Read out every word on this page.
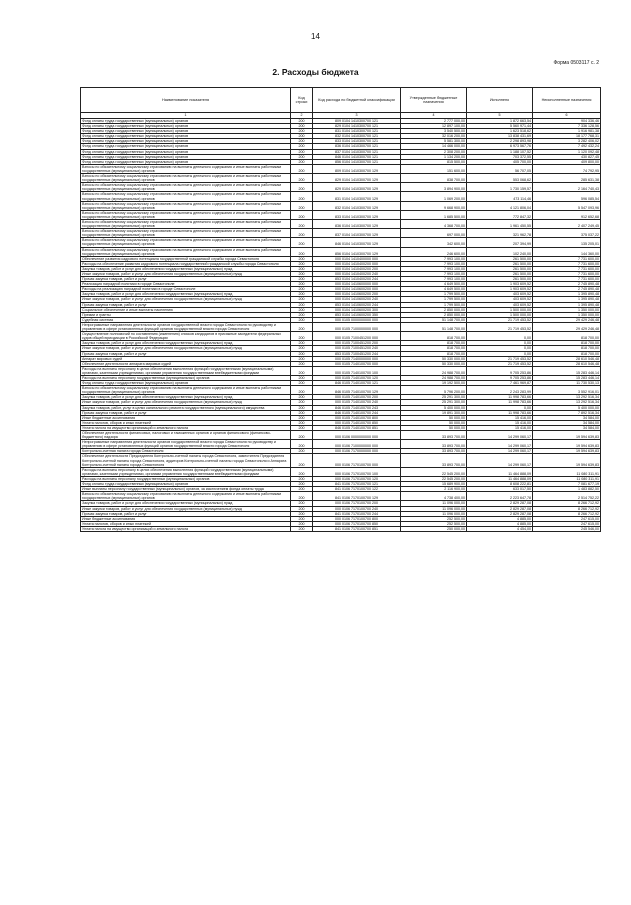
14
Форма 0503117 с. 2
2. Расходы бюджета
Наименование показателя	Код строки	Код расхода по бюджетной классификации	Утвержденные бюджетные назначения	Исполнено	Неисполненные назначения
1	2	3	4	5	6
Фонд оплаты труда государственных (муниципальных) органов	200	809 0104 1410300700 121	2 777 000,00	1 872 663,54	904 336,46
Фонд оплаты труда государственных (муниципальных) органов	200	829 0104 1410300700 121	12 897 100,00	5 560 971,44	7 336 128,56
Фонд оплаты труда государственных (муниципальных) органов	200	831 0104 1410300700 121	3 540 500,00	1 623 518,62	1 916 981,38
Фонд оплаты труда государственных (муниципальных) органов	200	832 0104 1410300700 121	32 016 200,00	13 838 431,69	18 177 768,31
Фонд оплаты труда государственных (муниципальных) органов	200	833 0104 1410300700 121	5 581 300,00	2 298 893,98	3 282 406,02
Фонд оплаты труда государственных (муниципальных) органов	200	836 0104 1410300700 121	14 466 000,00	6 973 567,76	7 492 432,24
Фонд оплаты труда государственных (муниципальных) органов	200	837 0104 1410300700 121	2 308 200,00	1 188 107,52	1 120 092,48
Фонд оплаты труда государственных (муниципальных) органов	200	846 0104 1410300700 121	1 134 200,00	703 372,55	430 827,45
Фонд оплаты труда государственных (муниципальных) органов	200	856 0104 1410300700 121	815 500,00	405 700,00	409 800,00
Взносы по обязательному социальному страхованию на выплаты денежного содержания и иные выплаты работникам государственных (муниципальных) органов	200	809 0104 1410300700 129	151 600,00	56 707,05	74 792,95
Взносы по обязательному социальному страхованию на выплаты денежного содержания и иные выплаты работникам государственных (муниципальных) органов	200	829 0104 1410300700 129	838 700,00	553 068,62	285 631,38
Взносы по обязательному социальному страхованию на выплаты денежного содержания и иные выплаты работникам государственных (муниципальных) органов	200	829 0104 1410300700 129	3 894 900,00	1 730 159,57	2 164 740,43
Взносы по обязательному социальному страхованию на выплаты денежного содержания и иные выплаты работникам государственных (муниципальных) органов	200	831 0104 1410300700 129	1 069 200,00	473 114,46	596 085,54
Взносы по обязательному социальному страхованию на выплаты денежного содержания и иные выплаты работникам государственных (муниципальных) органов	200	832 0104 1410300700 129	9 668 900,00	4 121 806,04	5 547 093,96
Взносы по обязательному социальному страхованию на выплаты денежного содержания и иные выплаты работникам государственных (муниципальных) органов	200	833 0104 1410300700 129	1 685 500,00	772 847,32	912 652,68
Взносы по обязательному социальному страхованию на выплаты денежного содержания и иные выплаты работникам государственных (муниципальных) органов	200	836 0104 1410300700 129	4 368 700,00	1 961 450,55	2 407 249,45
Взносы по обязательному социальному страхованию на выплаты денежного содержания и иные выплаты работникам государственных (муниципальных) органов	200	837 0104 1410300700 129	697 000,00	321 962,78	375 037,22
Взносы по обязательному социальному страхованию на выплаты денежного содержания и иные выплаты работникам государственных (муниципальных) органов	200	846 0104 1410300700 129	342 600,00	207 394,99	135 205,01
Взносы по обязательному социальному страхованию на выплаты денежного содержания и иные выплаты работникам государственных (муниципальных) органов	200	856 0104 1410300700 129	246 600,00	102 240,00	144 360,00
Обеспечение развития кадрового потенциала государственной гражданской службы города Севастополя	200	000 0104 1410400000 000	7 993 100,00	261 500,00	7 731 600,00
Расходы на обеспечение развития кадрового потенциала государственной гражданской службы города Севастополя	200	000 0104 1410400200 000	7 993 100,00	261 500,00	7 731 600,00
Закупка товаров, работ и услуг для обеспечения государственных (муниципальных) нужд	200	000 0104 1410400200 200	7 993 100,00	261 500,00	7 731 600,00
Иные закупки товаров, работ и услуг для обеспечения государственных (муниципальных) нужд	200	000 0104 1410400200 240	7 993 100,00	261 500,00	7 731 600,00
Прочая закупка товаров, работ и услуг	200	853 0104 1410400200 244	7 993 100,00	261 500,00	7 731 600,00
Реализация наградной политики в городе Севастополе	200	000 0104 1410600000 000	4 649 500,00	1 903 609,52	2 745 890,48
Расходы на реализацию наградной политики в городе Севастополе	200	000 0104 1410600200 000	4 649 500,00	1 903 609,52	2 745 890,48
Закупка товаров, работ и услуг для обеспечения государственных (муниципальных) нужд	200	000 0104 1410600200 200	1 799 500,00	403 609,52	1 395 890,48
Иные закупки товаров, работ и услуг для обеспечения государственных (муниципальных) нужд	200	000 0104 1410600200 240	1 799 500,00	403 609,52	1 395 890,48
Прочая закупка товаров, работ и услуг	200	853 0104 1410600200 244	1 799 500,00	403 609,52	1 395 890,48
Социальное обеспечение и иные выплаты населению	200	000 0104 1410600200 300	2 850 000,00	1 500 000,00	1 350 000,00
Премии и гранты	200	853 0104 1410600200 350	2 850 000,00	1 500 000,00	1 350 000,00
Судебная система	200	000 0105 0000000000 000	51 148 700,00	21 719 453,52	29 429 246,48
Непрограммные направления деятельности органов государственной власти города Севастополя по руководству и управлению в сфере установленных функций органов государственной власти города Севастополя	200	000 0105 7100000000 000	51 148 700,00	21 719 453,52	29 429 246,48
Осуществление полномочий по составлению (изменению) списков кандидатов в присяжные заседатели федеральных судов общей юрисдикции в Российской Федерации	200	000 0105 7100451200 000	818 700,00	0,00	818 700,00
Закупка товаров, работ и услуг для обеспечения государственных (муниципальных) нужд	200	000 0105 7100451200 200	818 700,00	0,00	818 700,00
Иные закупки товаров, работ и услуг для обеспечения государственных (муниципальных) нужд	200	000 0105 7100451200 240	818 700,00	0,00	818 700,00
Прочая закупка товаров, работ и услуг	200	853 0105 7100451200 244	818 700,00	0,00	818 700,00
Аппарат мировых судей	200	000 0105 7140000000 000	50 330 000,00	21 719 453,52	28 610 546,48
Обеспечение деятельности аппарата мировых судей	200	000 0105 7140100700 000	50 330 000,00	21 719 453,52	28 610 546,48
Расходы на выплаты персоналу в целях обеспечения выполнения функций государственными (муниципальными) органами, казенными учреждениями, органами управления государственными внебюджетными фондами	200	000 0105 7140100700 100	24 988 700,00	9 705 253,86	15 283 446,14
Расходы на выплаты персоналу государственных (муниципальных) органов	200	000 0105 7140100700 120	24 988 700,00	9 705 253,86	15 283 446,14
Фонд оплаты труда государственных (муниципальных) органов	200	846 0105 7140100700 121	19 192 500,00	7 461 969,87	11 730 530,13
Взносы по обязательному социальному страхованию на выплаты денежного содержания и иные выплаты работникам государственных (муниципальных) органов	200	846 0105 7140100700 129	5 796 200,00	2 243 283,99	3 552 916,01
Закупка товаров, работ и услуг для обеспечения государственных (муниципальных) нужд	200	000 0105 7140100700 200	25 291 300,00	11 998 783,66	13 292 516,34
Иные закупки товаров, работ и услуг для обеспечения государственных (муниципальных) нужд	200	000 0105 7140100700 240	25 291 300,00	11 998 783,66	13 292 516,34
Закупка товаров, работ, услуг в целях капитального ремонта государственного (муниципального) имущества	200	846 0105 7140100700 243	5 400 000,00	0,00	5 400 000,00
Прочая закупка товаров, работ и услуг	200	846 0105 7140100700 244	19 891 300,00	11 998 783,66	7 892 516,34
Иные бюджетные ассигнования	200	000 0105 7140100700 800	50 000,00	15 416,00	34 584,00
Уплата налогов, сборов и иных платежей	200	000 0105 7140100700 850	50 000,00	15 416,00	34 584,00
Уплата налога на имущество организаций и земельного налога	200	846 0105 7140100700 851	50 000,00	15 416,00	34 584,00
Обеспечение деятельности финансовых, налоговых и таможенных органов и органов финансового (финансово-бюджетного) надзора	200	000 0106 0000000000 000	33 893 700,00	14 299 060,17	19 594 639,83
Непрограммные направления деятельности органов государственной власти города Севастополя по руководству и управлению в сфере установленных функций органов государственной власти города Севастополя	200	000 0106 7100000000 000	33 893 700,00	14 299 060,17	19 594 639,83
Контрольно-счетная палата города Севастополя	200	000 0106 7170000000 000	33 893 700,00	14 299 060,17	19 594 639,83
Обеспечение деятельности Председателя Контрольно-счетной палаты города Севастополя, заместителя Председателя Контрольно-счетной палаты города Севастополя, аудиторов Контрольно-счетной палаты города Севастополя и Аппарата Контрольно-счетной палаты города Севастополя	200	000 0106 7170100700 000	33 893 700,00	14 299 060,17	19 594 639,83
Расходы на выплаты персоналу в целях обеспечения выполнения функций государственными (муниципальными) органами, казенными учреждениями, органами управления государственными внебюджетными фондами	200	000 0106 7170100700 100	22 545 200,00	11 464 888,09	11 080 311,91
Расходы на выплаты персоналу государственных (муниципальных) органов	200	000 0106 7170100700 120	22 545 200,00	11 464 888,09	11 080 311,91
Фонд оплаты труда государственных (муниципальных) органов	200	841 0106 7170100700 121	15 689 900,00	8 608 222,81	7 081 677,19
Иные выплаты персоналу государственных (муниципальных) органов, за исключением фонда оплаты труда	200	841 0106 7170100700 122	2 116 900,00	633 017,50	1 483 882,50
Взносы по обязательному социальному страхованию на выплаты денежного содержания и иные выплаты работникам государственных (муниципальных) органов	200	841 0106 7170100700 129	4 738 400,00	2 223 647,78	2 514 752,22
Закупка товаров, работ и услуг для обеспечения государственных (муниципальных) нужд	200	000 0106 7170100700 200	11 096 000,00	2 829 287,08	8 266 712,92
Иные закупки товаров, работ и услуг для обеспечения государственных (муниципальных) нужд	200	000 0106 7170100700 240	11 096 000,00	2 829 287,08	8 266 712,92
Прочая закупка товаров, работ и услуг	200	841 0106 7170100700 244	11 096 000,00	2 829 287,08	8 266 712,92
Иные бюджетные ассигнования	200	000 0106 7170100700 800	252 500,00	4 885,00	247 615,00
Уплата налогов, сборов и иных платежей	200	000 0106 7170100700 850	252 500,00	4 885,00	247 615,00
Уплата налога на имущество организаций и земельного налога	200	841 0106 7170100700 851	250 000,00	4 454,00	245 546,00
